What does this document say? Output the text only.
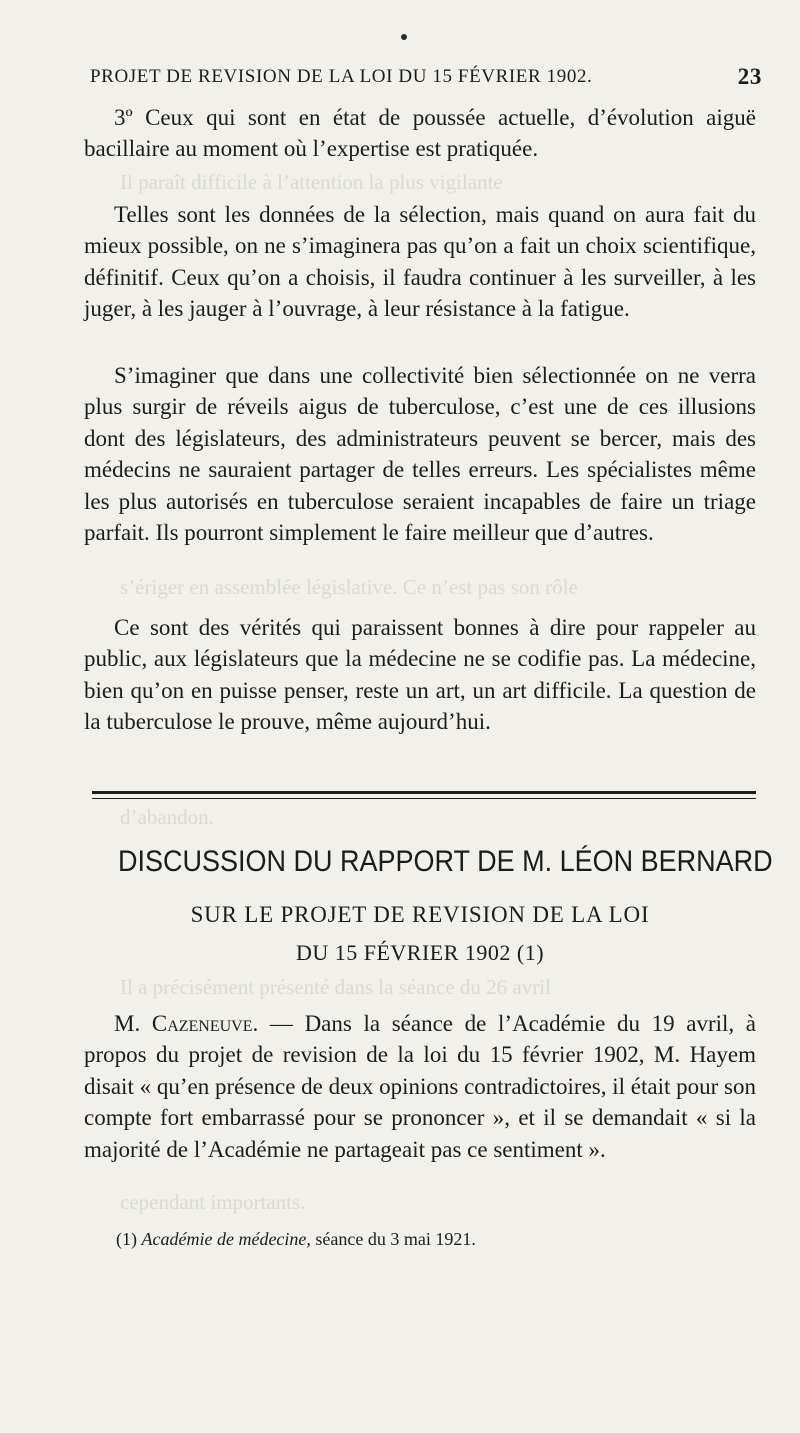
Il paraît difficile à l’attention la plus vigilante
s’ériger en assemblée législative. Ce n’est pas son rôle
d’abandon.
Il a précisément présenté dans la séance du 26 avril
cependant importants.
PROJET DE REVISION DE LA LOI DU 15 FÉVRIER 1902.	23

3º Ceux qui sont en état de poussée actuelle, d’évolution aiguë bacillaire au moment où l’expertise est pratiquée.

Telles sont les données de la sélection, mais quand on aura fait du mieux possible, on ne s’imaginera pas qu’on a fait un choix scientifique, définitif. Ceux qu’on a choisis, il faudra continuer à les surveiller, à les juger, à les jauger à l’ouvrage, à leur résistance à la fatigue.

S’imaginer que dans une collectivité bien sélectionnée on ne verra plus surgir de réveils aigus de tuberculose, c’est une de ces illusions dont des législateurs, des administrateurs peuvent se bercer, mais des médecins ne sauraient partager de telles erreurs. Les spécialistes même les plus autorisés en tuberculose seraient incapables de faire un triage parfait. Ils pourront simplement le faire meilleur que d’autres.

Ce sont des vérités qui paraissent bonnes à dire pour rappeler au public, aux législateurs que la médecine ne se codifie pas. La médecine, bien qu’on en puisse penser, reste un art, un art difficile. La question de la tuberculose le prouve, même aujourd’hui.

DISCUSSION DU RAPPORT DE M. LÉON BERNARD
SUR LE PROJET DE REVISION DE LA LOI
DU 15 FÉVRIER 1902 (1)

M. Cazeneuve. — Dans la séance de l’Académie du 19 avril, à propos du projet de revision de la loi du 15 février 1902, M. Hayem disait « qu’en présence de deux opinions contradictoires, il était pour son compte fort embarrassé pour se prononcer », et il se demandait « si la majorité de l’Académie ne partageait pas ce sentiment ».

(1) Académie de médecine, séance du 3 mai 1921.
